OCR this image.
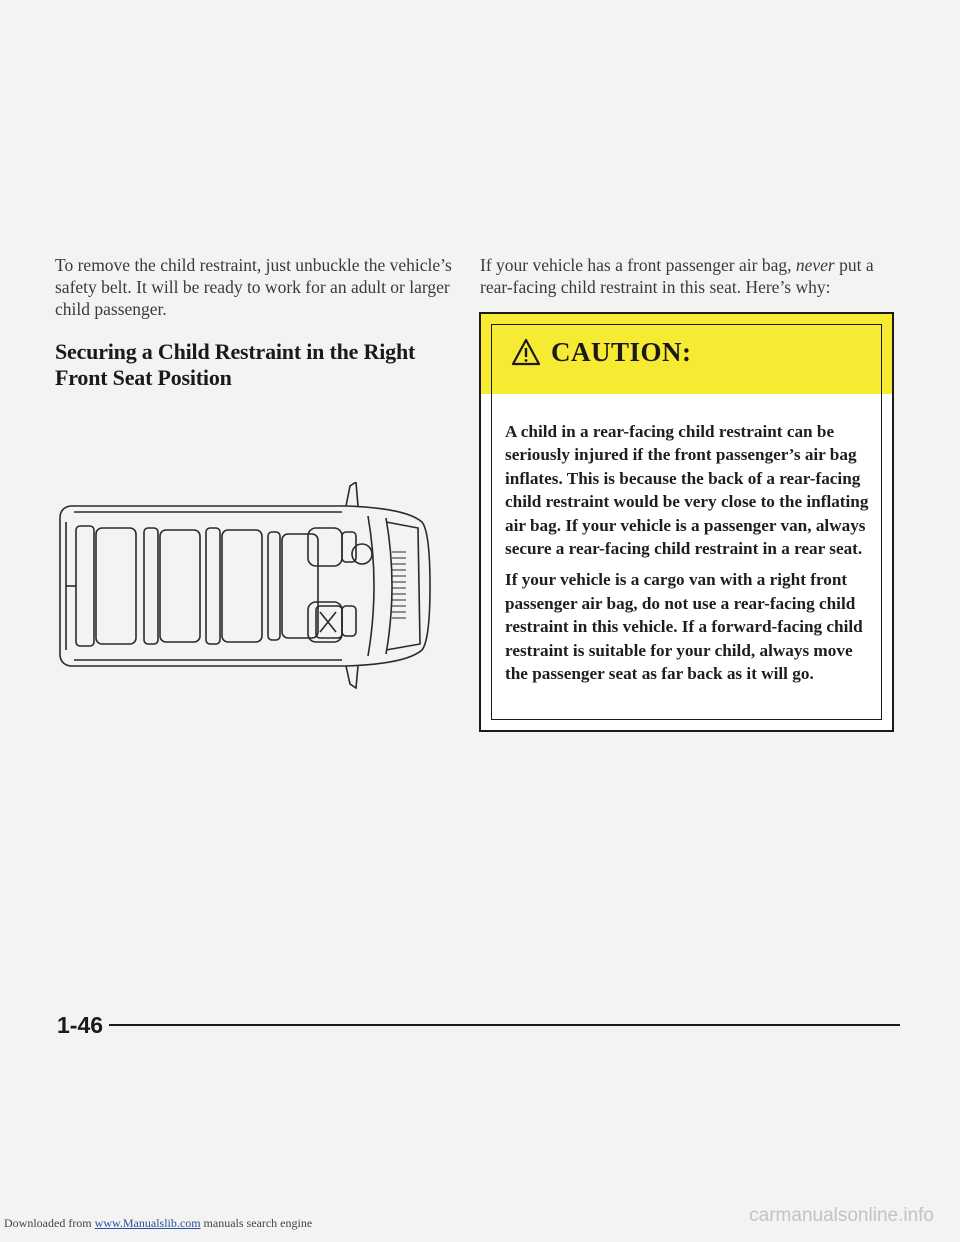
To remove the child restraint, just unbuckle the vehicle’s safety belt. It will be ready to work for an adult or larger child passenger.

Securing a Child Restraint in the Right Front Seat Position

If your vehicle has a front passenger air bag, never put a rear-facing child restraint in this seat. Here’s why:

CAUTION:

A child in a rear-facing child restraint can be seriously injured if the front passenger’s air bag inflates. This is because the back of a rear-facing child restraint would be very close to the inflating air bag. If your vehicle is a passenger van, always secure a rear-facing child restraint in a rear seat.

If your vehicle is a cargo van with a right front passenger air bag, do not use a rear-facing child restraint in this vehicle. If a forward-facing child restraint is suitable for your child, always move the passenger seat as far back as it will go.

1-46
Downloaded from www.Manualslib.com manuals search engine	carmanualsonline.info
